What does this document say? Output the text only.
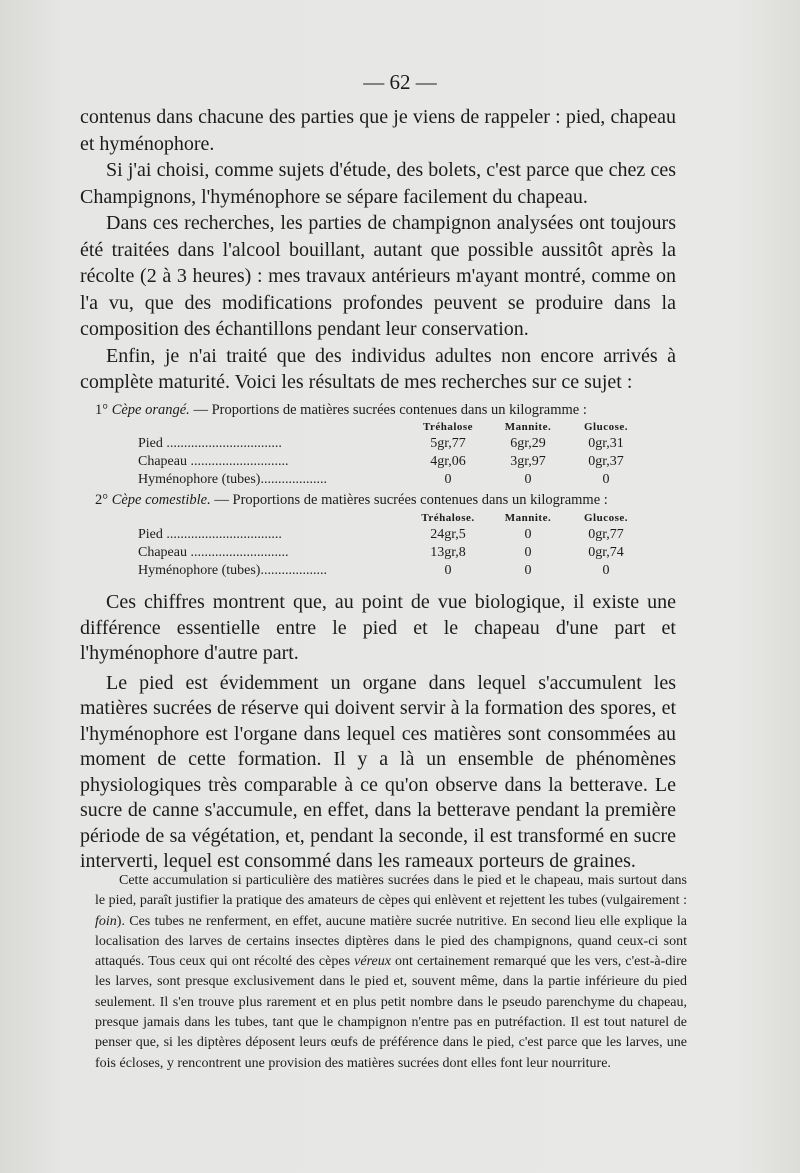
— 62 —

contenus dans chacune des parties que je viens de rappeler : pied, chapeau et hyménophore.

Si j'ai choisi, comme sujets d'étude, des bolets, c'est parce que chez ces Champignons, l'hyménophore se sépare facilement du chapeau.

Dans ces recherches, les parties de champignon analysées ont toujours été traitées dans l'alcool bouillant, autant que possible aussitôt après la récolte (2 à 3 heures) : mes travaux antérieurs m'ayant montré, comme on l'a vu, que des modifications profondes peuvent se produire dans la composition des échantillons pendant leur conservation.

Enfin, je n'ai traité que des individus adultes non encore arrivés à complète maturité. Voici les résultats de mes recherches sur ce sujet :

1° Cèpe orangé. — Proportions de matières sucrées contenues dans un kilogramme :
Tréhalose	Mannite.	Glucose.
Pied .................................	5gr,77	6gr,29	0gr,31
Chapeau ............................	4gr,06	3gr,97	0gr,37
Hyménophore (tubes)...................	0	0	0
2° Cèpe comestible. — Proportions de matières sucrées contenues dans un kilogramme :
Tréhalose.	Mannite.	Glucose.
Pied .................................	24gr,5	0	0gr,77
Chapeau ............................	13gr,8	0	0gr,74
Hyménophore (tubes)...................	0	0	0

Ces chiffres montrent que, au point de vue biologique, il existe une différence essentielle entre le pied et le chapeau d'une part et l'hyménophore d'autre part.

Le pied est évidemment un organe dans lequel s'accumulent les matières sucrées de réserve qui doivent servir à la formation des spores, et l'hyménophore est l'organe dans lequel ces matières sont consommées au moment de cette formation. Il y a là un ensemble de phénomènes physiologiques très comparable à ce qu'on observe dans la betterave. Le sucre de canne s'accumule, en effet, dans la betterave pendant la première période de sa végétation, et, pendant la seconde, il est transformé en sucre interverti, lequel est consommé dans les rameaux porteurs de graines.

Cette accumulation si particulière des matières sucrées dans le pied et le chapeau, mais surtout dans le pied, paraît justifier la pratique des amateurs de cèpes qui enlèvent et rejettent les tubes (vulgairement : foin). Ces tubes ne renferment, en effet, aucune matière sucrée nutritive. En second lieu elle explique la localisation des larves de certains insectes diptères dans le pied des champignons, quand ceux-ci sont attaqués. Tous ceux qui ont récolté des cèpes véreux ont certainement remarqué que les vers, c'est-à-dire les larves, sont presque exclusivement dans le pied et, souvent même, dans la partie inférieure du pied seulement. Il s'en trouve plus rarement et en plus petit nombre dans le pseudo parenchyme du chapeau, presque jamais dans les tubes, tant que le champignon n'entre pas en putréfaction. Il est tout naturel de penser que, si les diptères déposent leurs œufs de préférence dans le pied, c'est parce que les larves, une fois écloses, y rencontrent une provision des matières sucrées dont elles font leur nourriture.
